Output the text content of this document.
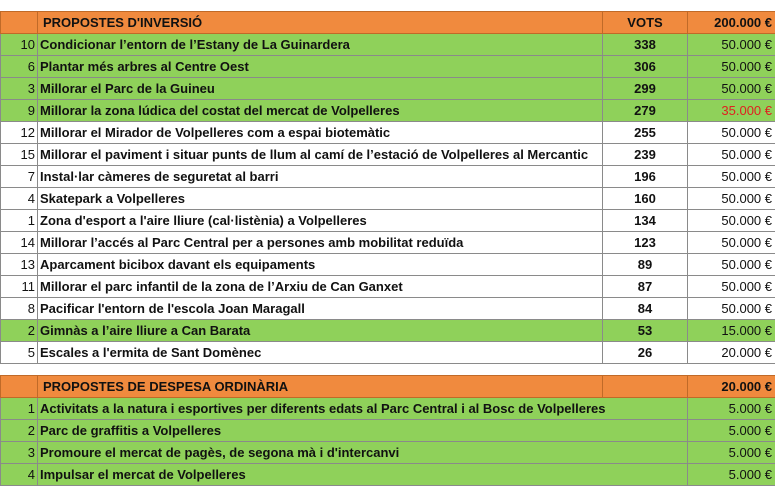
	PROPOSTES D'INVERSIÓ	VOTS	200.000 €
10	Condicionar l’entorn de l’Estany de La Guinardera	338	50.000 €
6	Plantar més arbres al Centre Oest	306	50.000 €
3	Millorar el Parc de la Guineu	299	50.000 €
9	Millorar la zona lúdica del costat del mercat de Volpelleres	279	35.000 €
12	Millorar el Mirador de Volpelleres com a espai biotemàtic	255	50.000 €
15	Millorar el paviment i situar punts de llum al camí de l’estació de Volpelleres al Mercantic	239	50.000 €
7	Instal·lar càmeres de seguretat al barri	196	50.000 €
4	Skatepark a Volpelleres	160	50.000 €
1	Zona d'esport a l'aire lliure (cal·listènia) a Volpelleres	134	50.000 €
14	Millorar l’accés al Parc Central per a persones amb mobilitat reduïda	123	50.000 €
13	Aparcament bicibox davant els equipaments	89	50.000 €
11	Millorar el parc infantil de la zona de l’Arxiu de Can Ganxet	87	50.000 €
8	Pacificar l'entorn de l'escola Joan Maragall	84	50.000 €
2	Gimnàs a l’aire lliure a Can Barata	53	15.000 €
5	Escales a l'ermita de Sant Domènec	26	20.000 €
	PROPOSTES DE DESPESA ORDINÀRIA		20.000 €
1	Activitats a la natura i esportives per diferents edats al Parc Central i al Bosc de Volpelleres		5.000 €
2	Parc de graffitis a Volpelleres		5.000 €
3	Promoure el mercat de pagès, de segona mà i d'intercanvi		5.000 €
4	Impulsar el mercat de Volpelleres		5.000 €
